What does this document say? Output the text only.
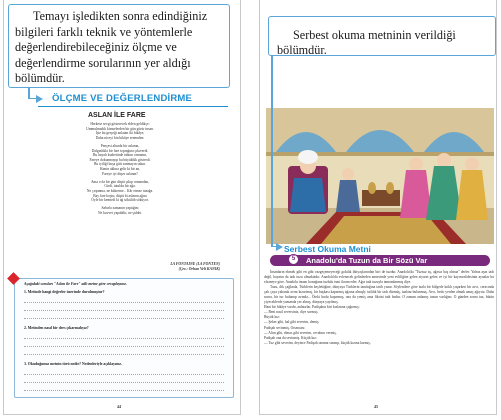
Temayı işledikten sonra edindiğiniz bilgileri farklı teknik ve yöntemlerle değerlendirebileceğiniz ölçme ve değerlendirme sorularının yer aldığı bölümdür.
ÖLÇME VE DEĞERLENDİRME
ASLAN İLE FARE
Herkese sevgi gösterecek elden geldikçe:
Ummulmadık kimselerden bir gün görür insan.
İşte bu gerçeği anlatan iki hikâye,
Daha niceyi bin hikâye senenden:
Pençesi altında bir aslanın,
Dalgınlıkla bir fare toprağına çıkıverdi.
Bu hayalı kudretinde tahtını ormanın,
Fareye dokunmayıp bu büyüklük gösterdi.
Bu iyiliği boşa gitti sanmayın sakın.
Kimin aklına gelir ki bir an,
Fareye iyi düşer aslanın?
Ama o da bir gün düştü çıkıp ormandan,
Girdi, tutuldu bir ağa.
Ne çırpınma, ne kükreme... Kâr etmez tuzağa.
Bay fare koştu; düştü bi aslanın ağını
Öyle bir kemirdi ki ağ sökülüb söküyor.
Sabırla zamanın yaptığını
Ne kuvvet yapabilir, ne şiddet.
LA FONTAINE (LA FONTEN)
(Çev.: Orhan Veli KANIK)
Aşağıdaki soruları "Aslan ile Fare" adlı metne göre cevaplayınız.
1. Metinde hangi değerler üzerinde durulmuştur?
2. Metinden nasıl bir ders çıkarmalıyız?
3. Okuduğunuz metnin türü nedir? Nedenleriyle açıklayınız.
44
Serbest okuma metninin verildiği bölümdür.
Serbest Okuma Metni
5	Anadolu'da Tuzun da Bir Sözü Var

İnsanların ekmek gibi en gibi vazgeçemeyeceği gıdalık ihtiyaçlarından biri de tuzdur. Anadolu'da "Tuzsuz aş, ağzsız baş olmaz" derler. Yalnız aşın tadı değil, hayatın da tadı tuzu olmaktadır. Anadolu'da evlenecek gelinlerden annesinde yeni evliliğine gelen ziyaret gelen ve iyi bir kayınvalidesinin aynalar bu efsaneye göre. Anadolu insanı konuğuna tuzlulu ismi ikram eder. Ağız tadı tuzuyla tamamlanmış diye.

Tuzu, dik çağlarda, Türklerin keşfettiğine, dünyaya Türklerin tanıttığına tarih yazar. Söylenilere göre tuzla bir bölgede kıtlık yaşarken bir avcı, ceracında çalı çaya yakarak avını kızartmış, bir başkası kaparmış ağzına almışly tatlılık bir tadı dürmüş, tuzlanı bulunmuş. Avcı, bedo yerden almak amaç ağıyou. Daha sonra, bir tur bulunup avında... Öteki budu koparmış, ona da yemiş ama fikrini tadı budur. O zaman anlamış tuzun varlığını. O günden sonra tuz, bütün yiyeceklerde yamanda yer almış, dünyaya yayılmış.

Hani bir hikâye vardır, anlatırlar. Padişahın biri kızlarına çağırmış:

— Beni nasıl seversiniz, diye sormuş.

Büyük kız:

— Şeker gibi, bal gibi severim, demiş.

Padişah sevinmiş. Ortancası:

— Altın gibi, elmas gibi severim, cevabını vermiş.

Padişah ona da sevinmiş. Küçük kız:

— Tuz gibi severim, deyince Padişah onuma sınınıp, küçük kızına kızmış.

45
